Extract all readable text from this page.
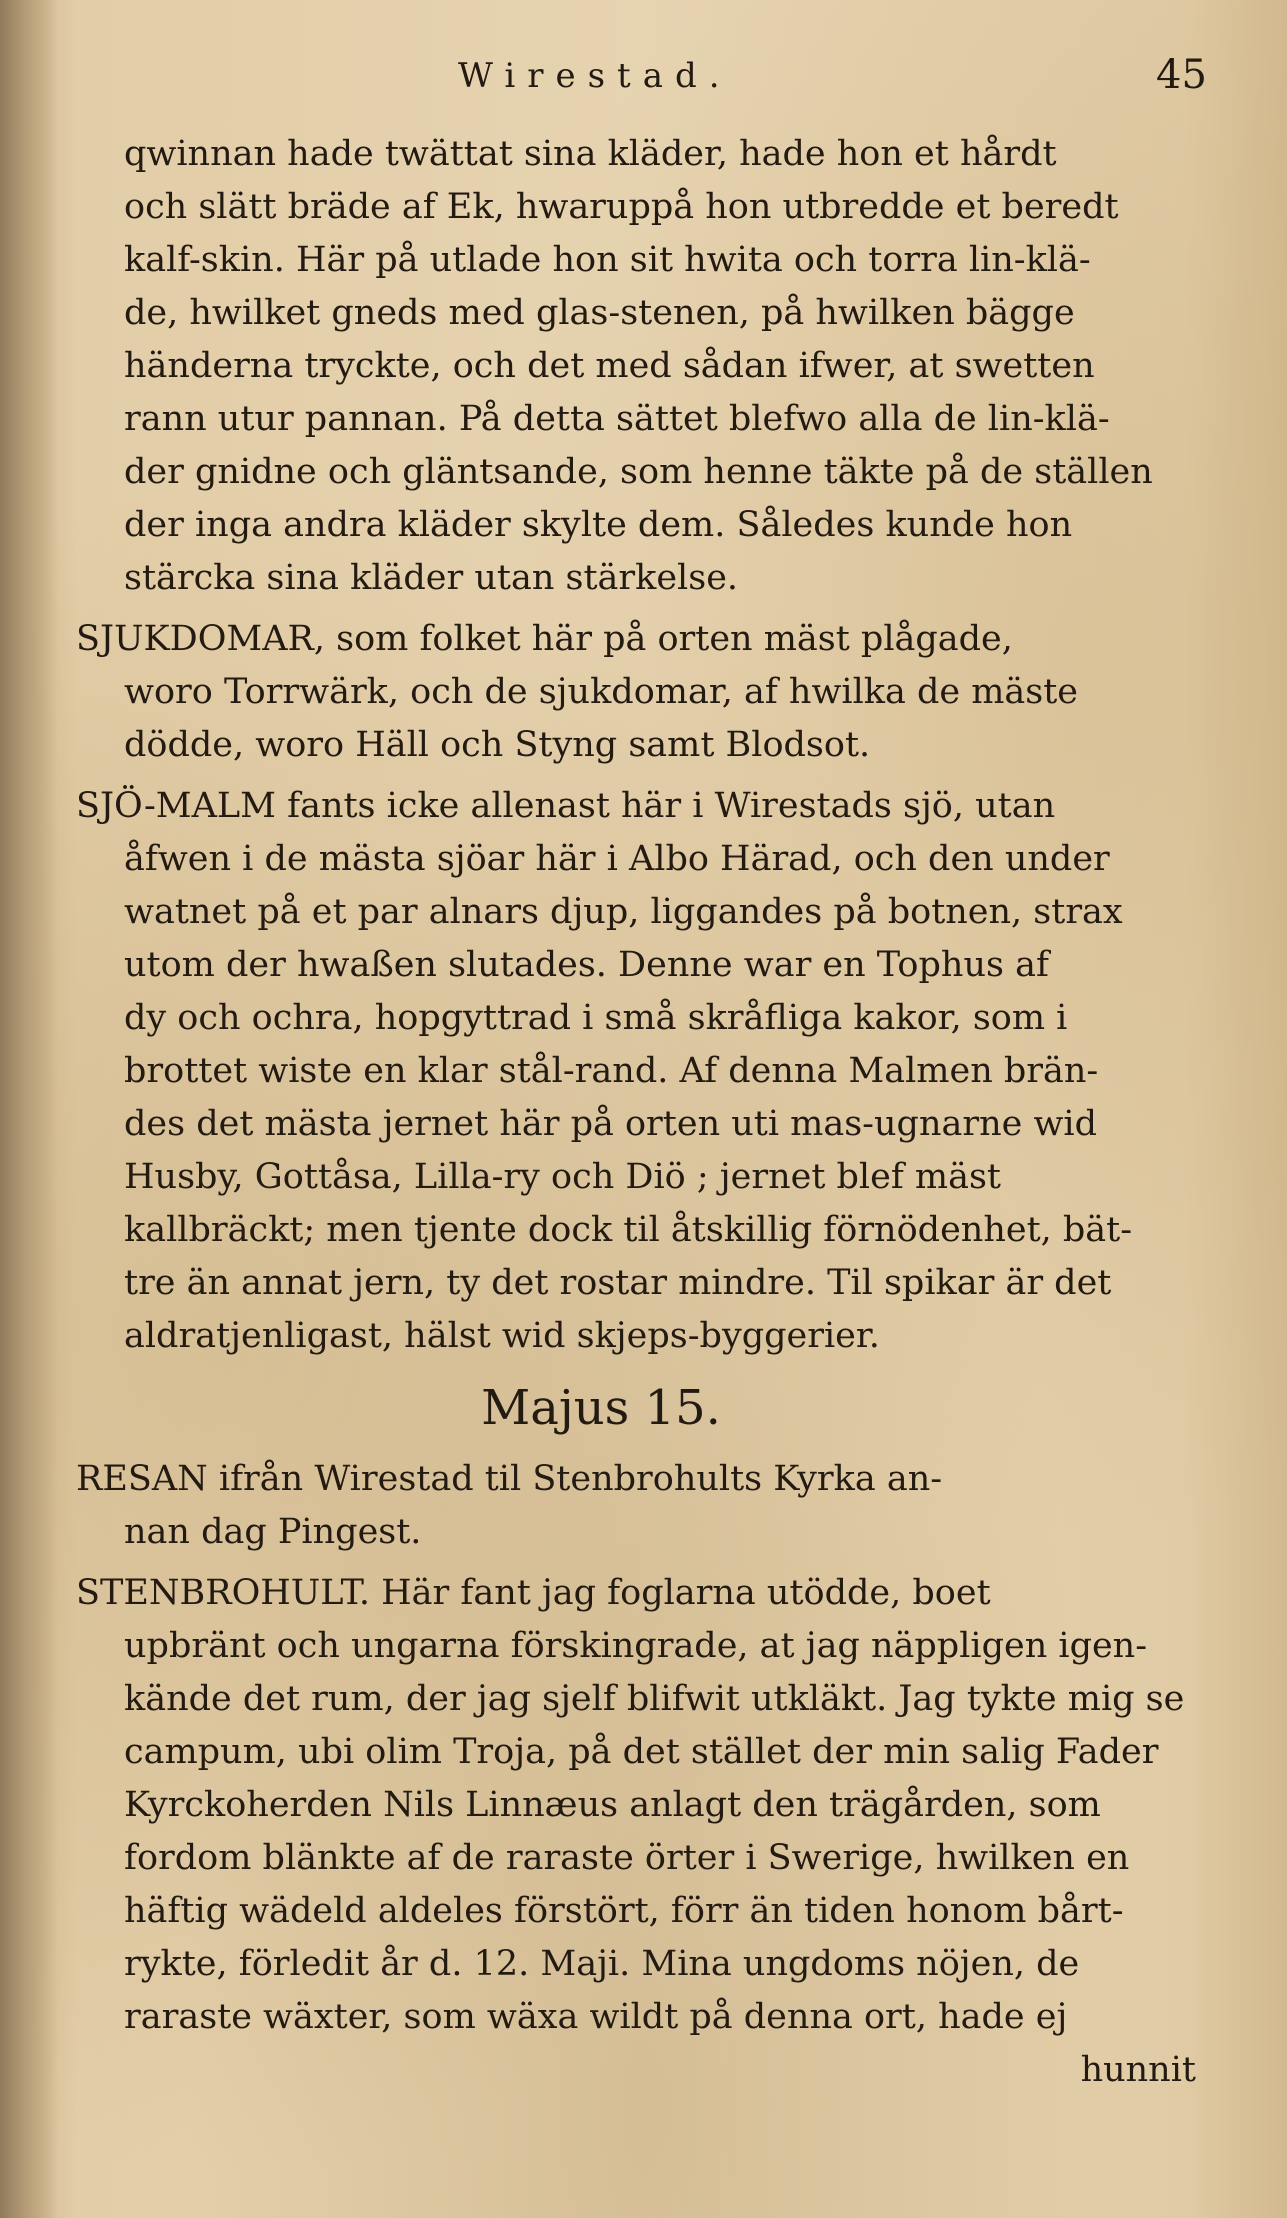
Wirestad.	45
qwinnan hade twättat sina kläder, hade hon et hårdt
och slätt bräde af Ek, hwaruppå hon utbredde et beredt
kalf-skin. Här på utlade hon sit hwita och torra lin-klä-
de, hwilket gneds med glas-stenen, på hwilken bägge
händerna tryckte, och det med sådan ifwer, at swetten
rann utur pannan. På detta sättet blefwo alla de lin-klä-
der gnidne och gläntsande, som henne täkte på de ställen
der inga andra kläder skylte dem. Således kunde hon
stärcka sina kläder utan stärkelse.
SJUKDOMAR, som folket här på orten mäst plågade,
woro Torrwärk, och de sjukdomar, af hwilka de mäste
dödde, woro Häll och Styng samt Blodsot.
SJÖ-MALM fants icke allenast här i Wirestads sjö, utan
åfwen i de mästa sjöar här i Albo Härad, och den under
watnet på et par alnars djup, liggandes på botnen, strax
utom der hwaßen slutades. Denne war en Tophus af
dy och ochra, hopgyttrad i små skråfliga kakor, som i
brottet wiste en klar stål-rand. Af denna Malmen brän-
des det mästa jernet här på orten uti mas-ugnarne wid
Husby, Gottåsa, Lilla-ry och Diö ; jernet blef mäst
kallbräckt; men tjente dock til åtskillig förnödenhet, bät-
tre än annat jern, ty det rostar mindre. Til spikar är det
aldratjenligast, hälst wid skjeps-byggerier.
Majus 15.
RESAN ifrån Wirestad til Stenbrohults Kyrka an-
nan dag Pingest.
STENBROHULT. Här fant jag foglarna utödde, boet
upbränt och ungarna förskingrade, at jag näppligen igen-
kände det rum, der jag sjelf blifwit utkläkt. Jag tykte mig se
campum, ubi olim Troja, på det stället der min salig Fader
Kyrckoherden Nils Linnæus anlagt den trägården, som
fordom blänkte af de raraste örter i Swerige, hwilken en
häftig wädeld aldeles förstört, förr än tiden honom bårt-
rykte, förledit år d. 12. Maji. Mina ungdoms nöjen, de
raraste wäxter, som wäxa wildt på denna ort, hade ej
hunnit
